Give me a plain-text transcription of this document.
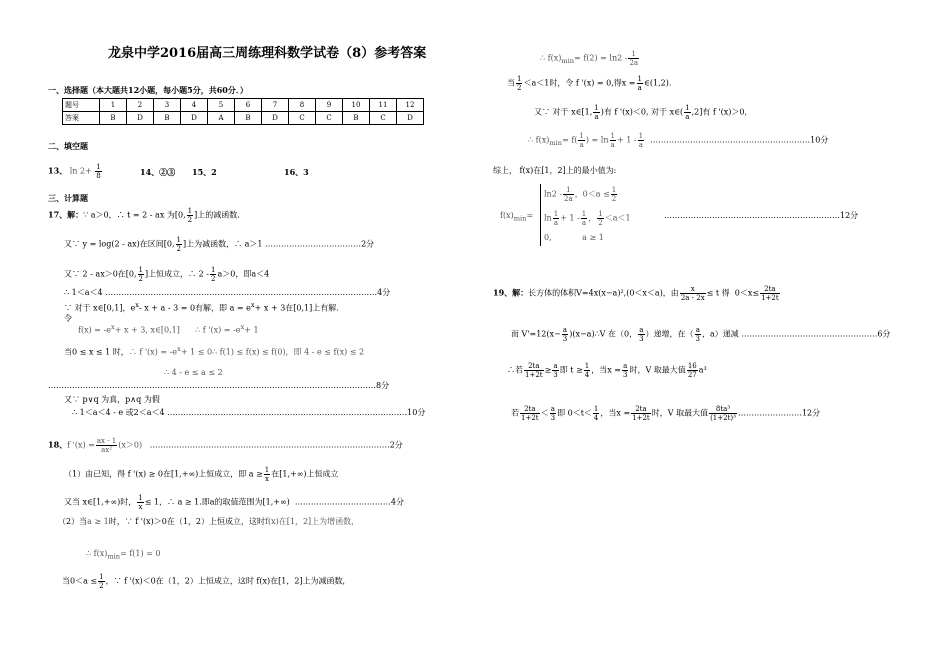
龙泉中学2016届高三周练理科数学试卷（8）参考答案
一、选择题（本大题共12小题，每小题5分，共60分．）
题号	1	2	3	4	5	6	7	8	9	10	11	12
答案	B	D	B	D	A	B	D	C	C	B	C	D
二、填空题
13、 $\ln 2+ \frac{1}{8}$	14、②③ 15、2	16、3
三、计算题
17、解：∵ a＞0，∴ t = 2 - ax 为[0, $\frac{1}{2}$ ]上的减函数.
又∵ y = log(2 - ax)在区间[0, $\frac{1}{2}$ ]上为减函数，∴ a＞1 ………………………………2分
又∵ 2 - ax＞0在[0, $\frac{1}{2}$ ]上恒成立，∴ $2 - \frac{1}{2} a>0$，即a＜4
∴ 1＜a＜4 …………………………………………………………………………………………4分
∵ 对于 x∈[0,1]，$e^x-$ x + a - 3 = 0有解，即 $a = e^x+ x + 3$在[0,1]上有解.
令
$f(x) = -e^x+ x + 3$, x∈[0,1] ∴ f '$(x) = -e^x+ 1$
当0 ≤ x ≤ 1 时，∴ f '$(x) = -e^x+ 1$ ≤ 0∴ f(1) ≤ f(x) ≤ f(0)，即 4 - e ≤ f(x) ≤ 2
∴ 4 - e ≤ a ≤ 2
……………………………………………………………………………………………………………8分
又∵ p∨q 为真，p∧q 为假
∴ 1＜a＜4 - e 或2＜a＜4 ………………………………………………………………………………10分
18、f '$(x) = \frac{ax - 1}{\text{ax²}} (x>0)$   ………………………………………………………………………………2分
（1）由已知，得 f '(x) ≥ 0在[1,+∞)上恒成立，即 $a \ge \frac{1}{x}$ 在[1,+∞)上恒成立
又当 x∈[1,+∞)时， $\frac{1}{x} \le 1$，∴ a ≥ 1.即a的取值范围为[1,+∞)  ………………………………4分
（2）当a ≥ 1时，∵ f '(x)＞0在（1，2）上恒成立，这时f(x)在[1，2]上为增函数，
∴ $f(x)_{min}= f(1) = 0$
当$0<a \le \frac{1}{2}$ ，∵ f '(x)＜0在（1，2）上恒成立，这时 f(x)在[1，2]上为减函数,
∴ $f(x)_{min}= f(2) = \ln 2 - \frac{1}{2a}$
当 $\frac{1}{2} <a<1$时，令 f '(x) = 0,得$x = \frac{1}{a}$ ∈(1,2).
又∵ 对于 x∈[1, $\frac{1}{a}$ )有 f '(x)＜0, 对于 x∈( $\frac{1}{a} ,2$]有 f '(x)＞0,
∴ $f(x)_{min}= f( \frac{1}{a}$ ) = $\ln \frac{1}{a} + 1 - \frac{1}{a}$ ……………………………………………………10分
综上， f(x)在[1，2]上的最小值为:
$f(x)_{min}=$
$\ln 2 - \frac{1}{2a}$ ，$0<a \le \frac{1}{2}$
$\ln \frac{1}{a} + 1 - \frac{1}{a}$ ， $\frac{1}{2} <a<1$
0,	a ≥ 1
…………………………………………………………12分
19、解：长方体的体积V=4x(x−a)²,(0＜x＜a)，由 $\frac{x}{2a - 2x} \le t$ 得 $0<x\le \frac{2ta}{1+2t}$
而 $V'=12(x- \frac{a}{3}$ )(x−a)∴V 在（0， $\frac{a}{3}$ ）递增，在（ $\frac{a}{3}$ ，a）递减 ……………………………………………6分
∴若 $\frac{2ta}{1+2t} \ge \frac{a}{3}$ 即 $t \ge \frac{1}{4}$ ，当$x = \frac{a}{3}$ 时，V 取最大值 $\frac{16}{27} a^3$
若 $\frac{2ta}{1+2t} < \frac{a}{3}$ 即 $0<t< \frac{1}{4}$ ，当$x = \frac{2ta}{1+2t}$ 时，V 取最大值 $\frac{\text{8ta³}}{\text{(1+2t)³}}$ ……………………12分
